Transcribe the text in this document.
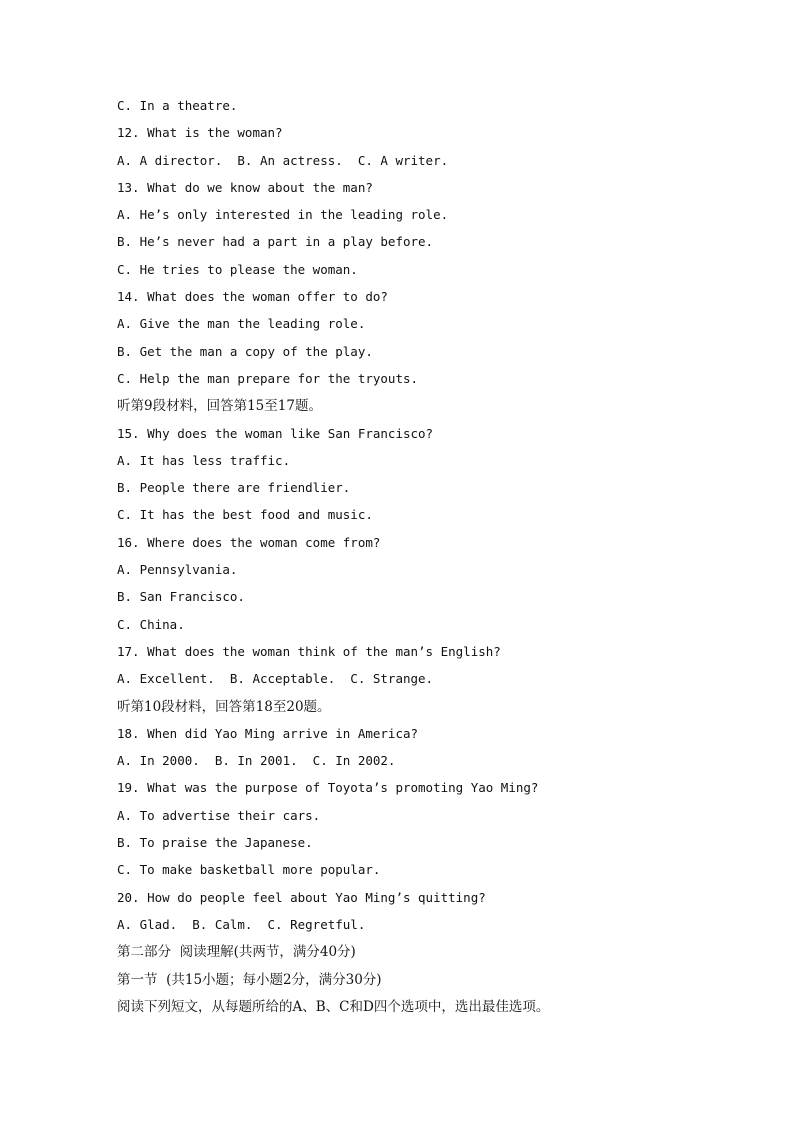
C. In a theatre.
12. What is the woman?
A. A director.  B. An actress.  C. A writer.
13. What do we know about the man?
A. He’s only interested in the leading role.
B. He’s never had a part in a play before.
C. He tries to please the woman.
14. What does the woman offer to do?
A. Give the man the leading role.
B. Get the man a copy of the play.
C. Help the man prepare for the tryouts.
听第9段材料，回答第15至17题。
15. Why does the woman like San Francisco?
A. It has less traffic.
B. People there are friendlier.
C. It has the best food and music.
16. Where does the woman come from?
A. Pennsylvania.
B. San Francisco.
C. China.
17. What does the woman think of the man’s English?
A. Excellent.  B. Acceptable.  C. Strange.
听第10段材料，回答第18至20题。
18. When did Yao Ming arrive in America?
A. In 2000.  B. In 2001.  C. In 2002.
19. What was the purpose of Toyota’s promoting Yao Ming?
A. To advertise their cars.
B. To praise the Japanese.
C. To make basketball more popular.
20. How do people feel about Yao Ming’s quitting?
A. Glad.  B. Calm.  C. Regretful.
第二部分  阅读理解(共两节，满分40分)
第一节  (共15小题；每小题2分，满分30分)
阅读下列短文，从每题所给的A、B、C和D四个选项中，选出最佳选项。
